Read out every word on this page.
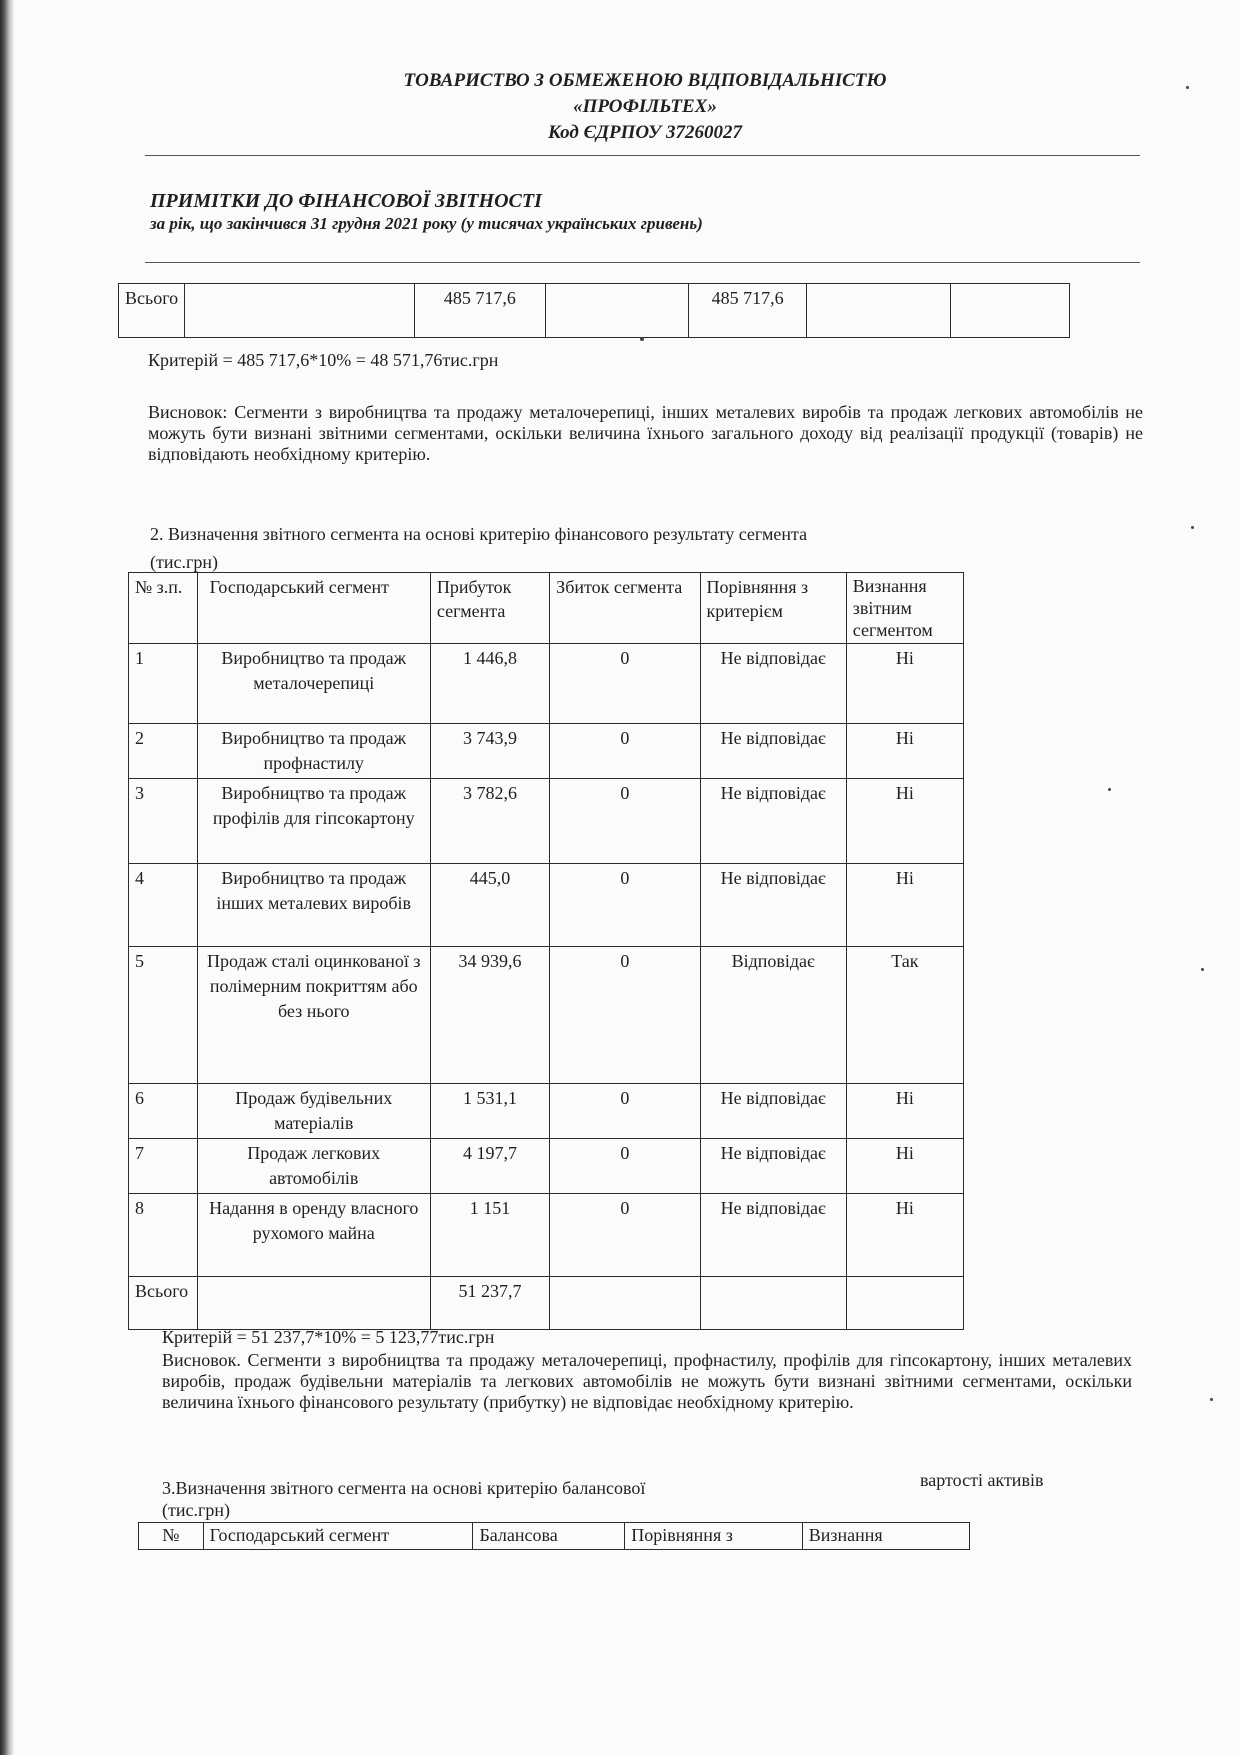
ТОВАРИСТВО З ОБМЕЖЕНОЮ ВІДПОВІДАЛЬНІСТЮ
«ПРОФІЛЬТЕХ»
Код ЄДРПОУ 37260027
ПРИМІТКИ ДО ФІНАНСОВОЇ ЗВІТНОСТІ
за рік, що закінчився 31 грудня 2021 року (у тисячах українських гривень)
Всього		485 717,6		485 717,6		
Критерій = 485 717,6*10% = 48 571,76тис.грн
Висновок: Сегменти з виробництва та продажу металочерепиці, інших металевих виробів та продаж легкових автомобілів не можуть бути визнані звітними сегментами, оскільки величина їхнього загального доходу від реалізації продукції (товарів) не відповідають необхідному критерію.
2. Визначення звітного сегмента на основі критерію фінансового результату сегмента
(тис.грн)
№ з.п.	Господарський сегмент	Прибуток сегмента	Збиток сегмента	Порівняння з критерієм	Визнання звітним сегментом
1	Виробництво та продаж металочерепиці	1 446,8	0	Не відповідає	Ні
2	Виробництво та продаж профнастилу	3 743,9	0	Не відповідає	Ні
3	Виробництво та продаж профілів для гіпсокартону	3 782,6	0	Не відповідає	Ні
4	Виробництво та продаж інших металевих виробів	445,0	0	Не відповідає	Ні
5	Продаж сталі оцинкованої з полімерним покриттям або без нього	34 939,6	0	Відповідає	Так
6	Продаж будівельних матеріалів	1 531,1	0	Не відповідає	Ні
7	Продаж легкових автомобілів	4 197,7	0	Не відповідає	Ні
8	Надання в оренду власного рухомого майна	1 151	0	Не відповідає	Ні
Всього		51 237,7			
Критерій = 51 237,7*10% = 5 123,77тис.грн
Висновок. Сегменти з виробництва та продажу металочерепиці, профнастилу, профілів для гіпсокартону, інших металевих виробів, продаж будівельни матеріалів та легкових автомобілів не можуть бути визнані звітними сегментами, оскільки величина їхнього фінансового результату (прибутку) не відповідає необхідному критерію.
3.Визначення звітного сегмента на основі критерію балансової	вартості активів
(тис.грн)
№	Господарський сегмент	Балансова	Порівняння з	Визнання
